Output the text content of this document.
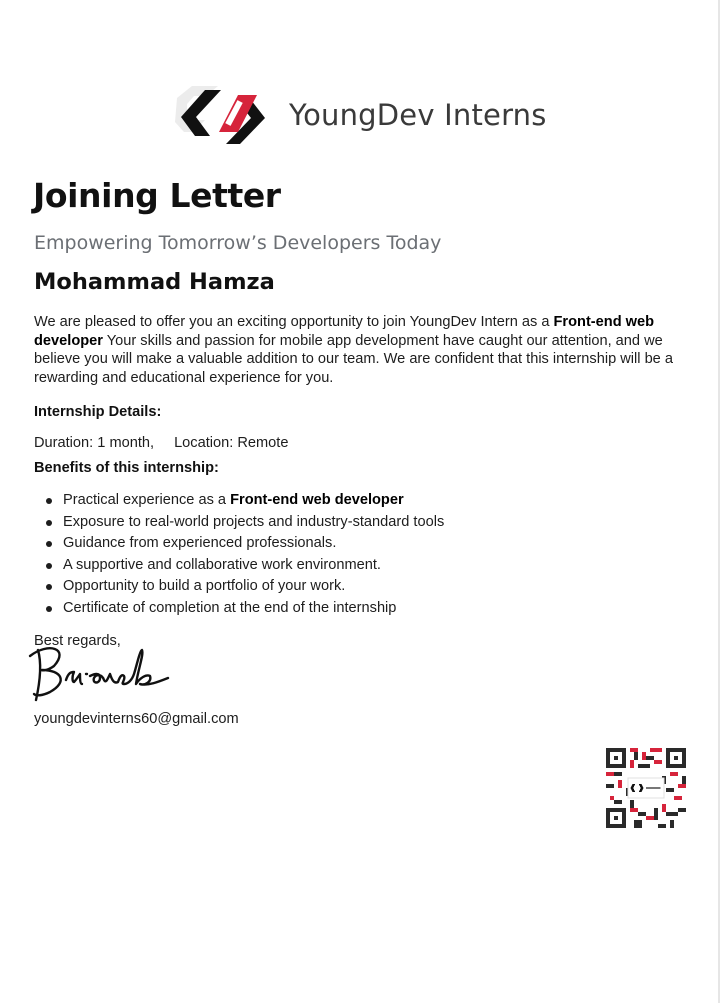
YoungDev Interns
Joining Letter

Empowering Tomorrow’s Developers Today

Mohammad Hamza

We are pleased to offer you an exciting opportunity to join YoungDev Intern as a Front-end web developer Your skills and passion for mobile app development have caught our attention, and we believe you will make a valuable addition to our team. We are confident that this internship will be a rewarding and educational experience for you.

Internship Details:

Duration: 1 month, Location: Remote

Benefits of this internship:

Practical experience as a Front-end web developer
Exposure to real-world projects and industry-standard tools
Guidance from experienced professionals.
A supportive and collaborative work environment.
Opportunity to build a portfolio of your work.
Certificate of completion at the end of the internship

Best regards,

youngdevinterns60@gmail.com
